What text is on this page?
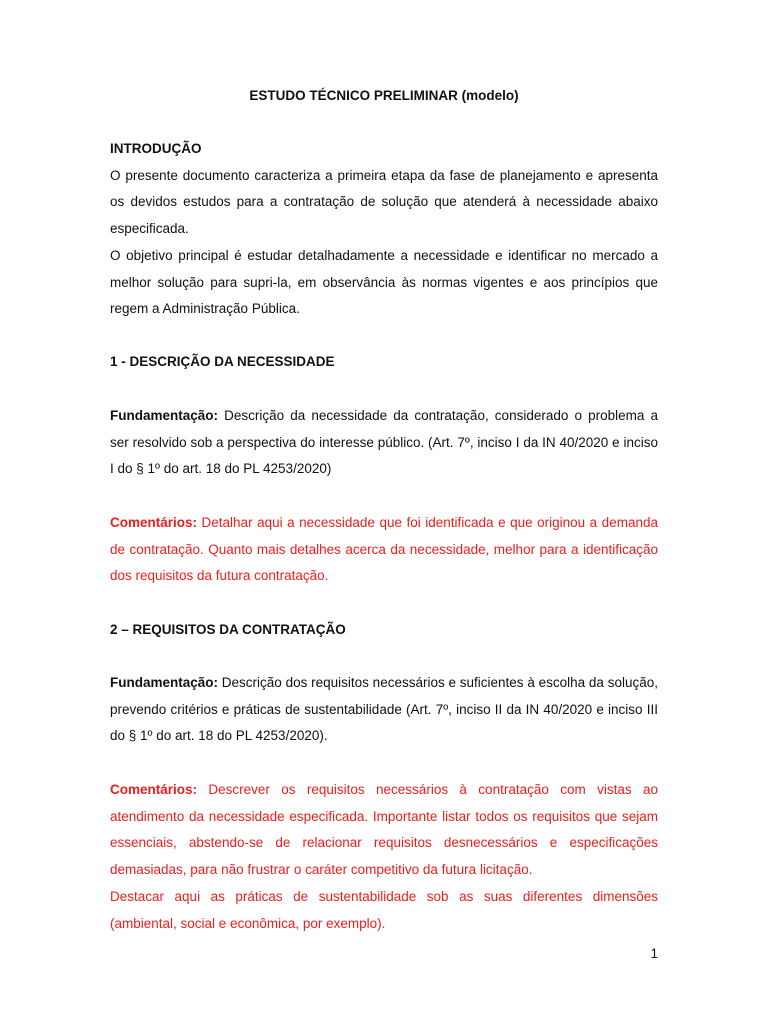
ESTUDO TÉCNICO PRELIMINAR (modelo)

INTRODUÇÃO

O presente documento caracteriza a primeira etapa da fase de planejamento e apresenta os devidos estudos para a contratação de solução que atenderá à necessidade abaixo especificada.

O objetivo principal é estudar detalhadamente a necessidade e identificar no mercado a melhor solução para supri-la, em observância às normas vigentes e aos princípios que regem a Administração Pública.

1 - DESCRIÇÃO DA NECESSIDADE

Fundamentação: Descrição da necessidade da contratação, considerado o problema a ser resolvido sob a perspectiva do interesse público. (Art. 7º, inciso I da IN 40/2020 e inciso I do § 1º do art. 18 do PL 4253/2020)

Comentários: Detalhar aqui a necessidade que foi identificada e que originou a demanda de contratação. Quanto mais detalhes acerca da necessidade, melhor para a identificação dos requisitos da futura contratação.

2 – REQUISITOS DA CONTRATAÇÃO

Fundamentação: Descrição dos requisitos necessários e suficientes à escolha da solução, prevendo critérios e práticas de sustentabilidade (Art. 7º, inciso II da IN 40/2020 e inciso III do § 1º do art. 18 do PL 4253/2020).

Comentários: Descrever os requisitos necessários à contratação com vistas ao atendimento da necessidade especificada. Importante listar todos os requisitos que sejam essenciais, abstendo-se de relacionar requisitos desnecessários e especificações demasiadas, para não frustrar o caráter competitivo da futura licitação.

Destacar aqui as práticas de sustentabilidade sob as suas diferentes dimensões (ambiental, social e econômica, por exemplo).

1
